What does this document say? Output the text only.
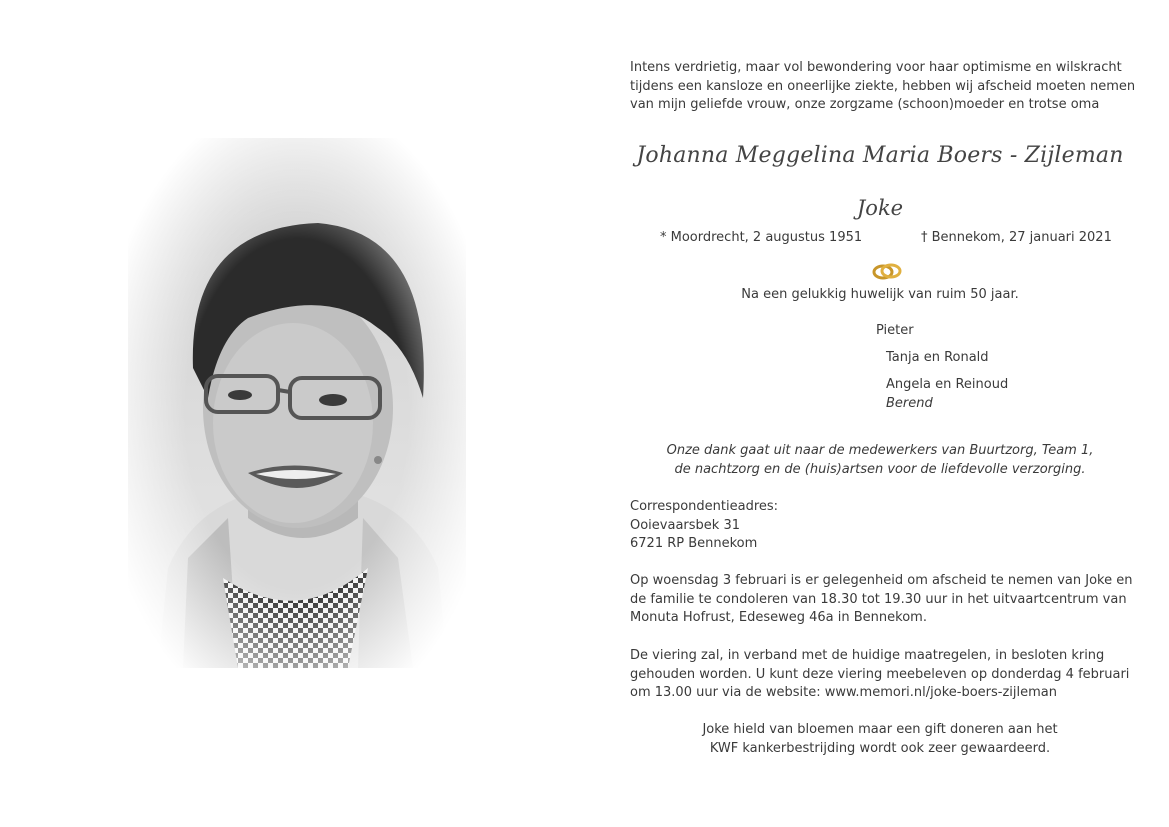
Intens verdrietig, maar vol bewondering voor haar optimisme en wilskracht
tijdens een kansloze en oneerlijke ziekte, hebben wij afscheid moeten nemen
van mijn geliefde vrouw, onze zorgzame (schoon)moeder en trotse oma
Johanna Meggelina Maria Boers - Zijleman
Joke
* Moordrecht, 2 augustus 1951	† Bennekom, 27 januari 2021
Na een gelukkig huwelijk van ruim 50 jaar.
Pieter
Tanja en Ronald
Angela en Reinoud
Berend
Onze dank gaat uit naar de medewerkers van Buurtzorg, Team 1,
de nachtzorg en de (huis)artsen voor de liefdevolle verzorging.
Correspondentieadres:
Ooievaarsbek 31
6721 RP Bennekom
Op woensdag 3 februari is er gelegenheid om afscheid te nemen van Joke en
de familie te condoleren van 18.30 tot 19.30 uur in het uitvaartcentrum van
Monuta Hofrust, Edeseweg 46a in Bennekom.
De viering zal, in verband met de huidige maatregelen, in besloten kring
gehouden worden. U kunt deze viering meebeleven op donderdag 4 februari
om 13.00 uur via de website: www.memori.nl/joke-boers-zijleman
Joke hield van bloemen maar een gift doneren aan het
KWF kankerbestrijding wordt ook zeer gewaardeerd.
